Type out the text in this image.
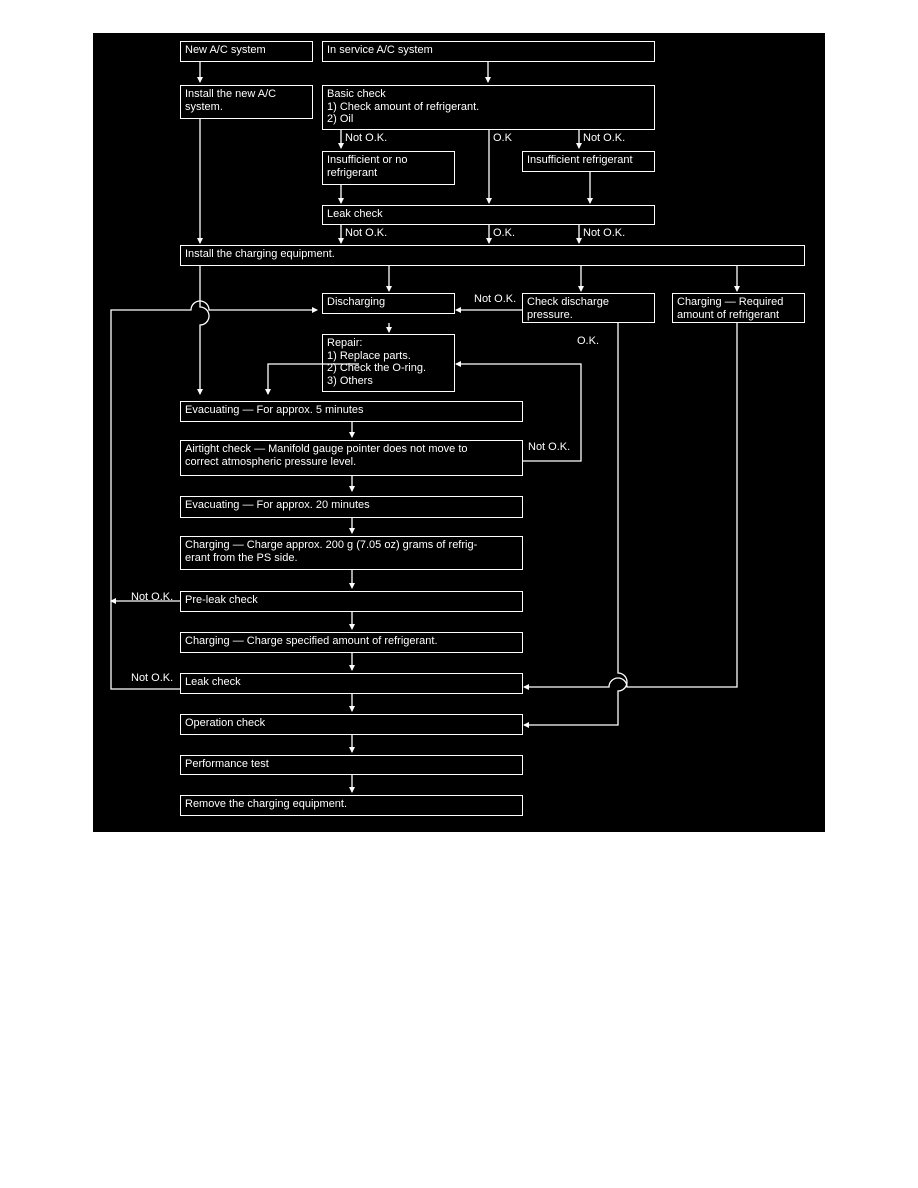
New A/C system	In service A/C system
Install the new A/C
system.
Basic check
1) Check amount of refrigerant.
2) Oil
Not O.K.	O.K	Not O.K.
Insufficient or no
refrigerant
Insufficient refrigerant
Leak check
Not O.K.	O.K.	Not O.K.
Install the charging equipment.
Discharging	Not O.K. Check discharge
pressure.
Charging — Required
amount of refrigerant
O.K.
Repair:
1) Replace parts.
2) Check the O-ring.
3) Others
Evacuating — For approx. 5 minutes
Airtight check — Manifold gauge pointer does not move to
correct atmospheric pressure level.
Not O.K.
Evacuating — For approx. 20 minutes
Charging — Charge approx. 200 g (7.05 oz) grams of refrig-
erant from the PS side.
Not O.K.	Pre-leak check
Charging — Charge specified amount of refrigerant.
Not O.K.	Leak check
Operation check
Performance test
Remove the charging equipment.
